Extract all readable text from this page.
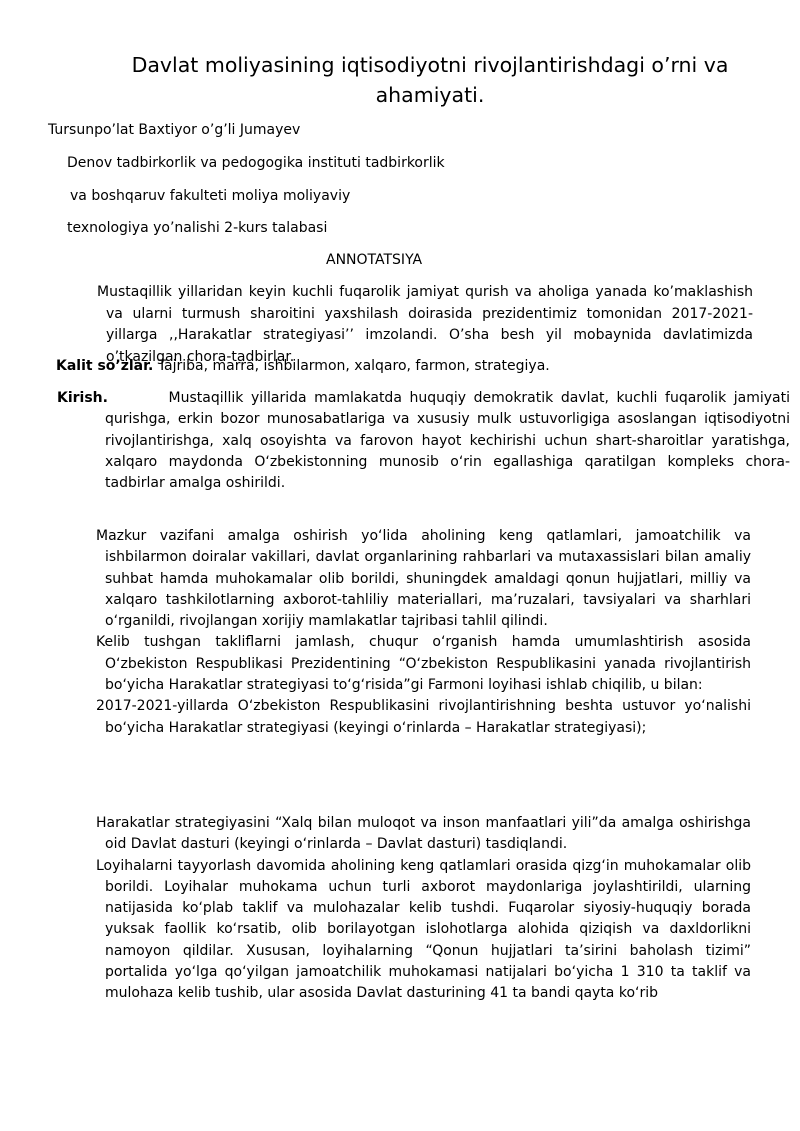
Davlat moliyasining iqtisodiyotni rivojlantirishdagi o’rni va ahamiyati.
Tursunpo’lat Baxtiyor o’g’li Jumayev
Denov tadbirkorlik va pedogogika instituti tadbirkorlik
va boshqaruv fakulteti moliya moliyaviy
texnologiya yo’nalishi 2-kurs talabasi
ANNOTATSIYA
Mustaqillik yillaridan keyin kuchli fuqarolik jamiyat qurish va aholiga yanada ko’maklashish va ularni turmush sharoitini yaxshilash doirasida prezidentimiz tomonidan 2017-2021-yillarga ,,Harakatlar strategiyasi’’ imzolandi. O’sha besh yil mobaynida davlatimizda o’tkazilgan chora-tadbirlar.
Kalit so’zlar. Tajriba, marra, ishbilarmon, xalqaro, farmon, strategiya.
Kirish.	Mustaqillik yillarida mamlakatda huquqiy demokratik davlat, kuchli fuqarolik jamiyati qurishga, erkin bozor munosabatlariga va xususiy mulk ustuvorligiga asoslangan iqtisodiyotni rivojlantirishga, xalq osoyishta va farovon hayot kechirishi uchun shart-sharoitlar yaratishga, xalqaro maydonda O‘zbekistonning munosib o‘rin egallashiga qaratilgan kompleks chora-tadbirlar amalga oshirildi.

Mazkur vazifani amalga oshirish yo‘lida aholining keng qatlamlari, jamoatchilik va ishbilarmon doiralar vakillari, davlat organlarining rahbarlari va mutaxassislari bilan amaliy suhbat hamda muhokamalar olib borildi, shuningdek amaldagi qonun hujjatlari, milliy va xalqaro tashkilotlarning axborot-tahliliy materiallari, ma’ruzalari, tavsiyalari va sharhlari o‘rganildi, rivojlangan xorijiy mamlakatlar tajribasi tahlil qilindi.

Kelib tushgan takliflarni jamlash, chuqur o‘rganish hamda umumlashtirish asosida O‘zbekiston Respublikasi Prezidentining “O‘zbekiston Respublikasini yanada rivojlantirish bo‘yicha Harakatlar strategiyasi to‘g‘risida”gi Farmoni loyihasi ishlab chiqilib, u bilan:

2017-2021-yillarda O‘zbekiston Respublikasini rivojlantirishning beshta ustuvor yo‘nalishi bo‘yicha Harakatlar strategiyasi (keyingi o‘rinlarda – Harakatlar strategiyasi);

Harakatlar strategiyasini “Xalq bilan muloqot va inson manfaatlari yili”da amalga oshirishga oid Davlat dasturi (keyingi o‘rinlarda – Davlat dasturi) tasdiqlandi.

Loyihalarni tayyorlash davomida aholining keng qatlamlari orasida qizg‘in muhokamalar olib borildi. Loyihalar muhokama uchun turli axborot maydonlariga joylashtirildi, ularning natijasida ko‘plab taklif va mulohazalar kelib tushdi. Fuqarolar siyosiy-huquqiy borada yuksak faollik ko‘rsatib, olib borilayotgan islohotlarga alohida qiziqish va daxldorlikni namoyon qildilar. Xususan, loyihalarning “Qonun hujjatlari ta’sirini baholash tizimi” portalida yo‘lga qo‘yilgan jamoatchilik muhokamasi natijalari bo‘yicha 1 310 ta taklif va mulohaza kelib tushib, ular asosida Davlat dasturining 41 ta bandi qayta ko‘rib
